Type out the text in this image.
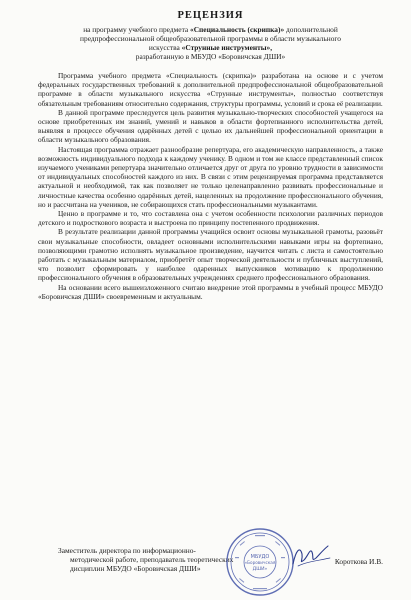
РЕЦЕНЗИЯ

на программу учебного предмета «Специальность (скрипка)» дополнительной

предпрофессиональной общеобразовательной программы в области музыкального

искусства «Струнные инструменты»,

разработанную в МБУДО «Боровичская ДШИ»

Программа учебного предмета «Специальность (скрипка)» разработана на основе и с учетом федеральных государственных требований к дополнительной предпрофессиональной общеобразовательной программе в области музыкального искусства «Струнные инструменты», полностью соответствуя обязательным требованиям относительно содержания, структуры программы, условий и срока её реализации.

В данной программе преследуется цель развития музыкально-творческих способностей учащегося на основе приобретенных им знаний, умений и навыков в области фортепианного исполнительства детей, выявляя в процессе обучения одарённых детей с целью их дальнейшей профессиональной ориентации в области музыкального образования.

Настоящая программа отражает разнообразие репертуара, его академическую направленность, а также возможность индивидуального подхода к каждому ученику. В одном и том же классе представленный список изучаемого учениками репертуара значительно отличается друг от друга по уровню трудности в зависимости от индивидуальных способностей каждого из них. В связи с этим рецензируемая программа представляется актуальной и необходимой, так как позволяет не только целенаправленно развивать профессиональные и личностные качества особенно одарённых детей, нацеленных на продолжение профессионального обучения, но и рассчитана на учеников, не собирающихся стать профессиональными музыкантами.

Ценно в программе и то, что составлена она с учетом особенности психологии различных периодов детского и подросткового возраста и выстроена по принципу постепенного продвижения.

В результате реализации данной программы учащийся освоит основы музыкальной грамоты, разовьёт свои музыкальные способности, овладеет основными исполнительскими навыками игры на фортепиано, позволяющими грамотно исполнять музыкальное произведение, научится читать с листа и самостоятельно работать с музыкальным материалом, приобретёт опыт творческой деятельности и публичных выступлений, что позволит сформировать у наиболее одаренных выпускников мотивацию к продолжению профессионального обучения в образовательных учреждениях среднего профессионального образования.

На основании всего вышеизложенного считаю внедрение этой программы в учебный процесс МБУДО «Боровичская ДШИ» своевременным и актуальным.

Заместитель директора по информационно-

методической работе, преподаватель теоретических

дисциплин МБУДО «Боровичская ДШИ»

Короткова И.В.
МБУДО
«Боровичская
ДШИ»
